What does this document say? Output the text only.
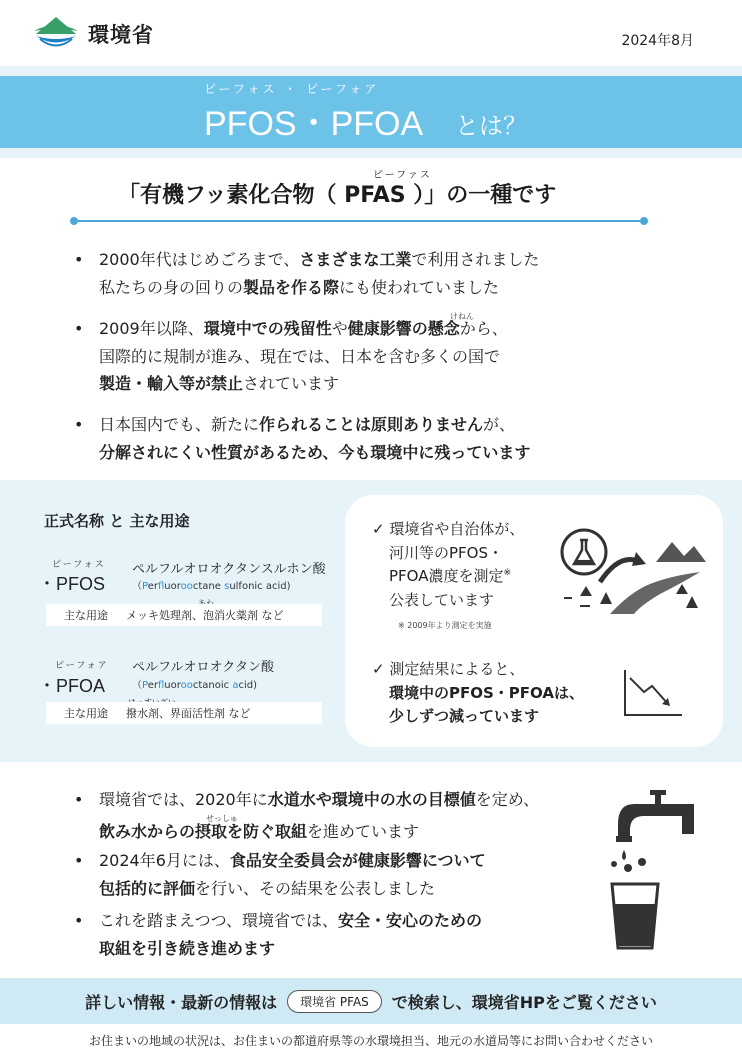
環境省	2024年8月
ピーフォス ・ ピーフォア
PFOS・PFOA とは？
ピーファス
「有機フッ素化合物（ PFAS ）」の一種です
• 2000年代はじめごろまで、さまざまな工業で利用されました
私たちの身の回りの製品を作る際にも使われていました
けねん
• 2009年以降、環境中での残留性や健康影響の懸念から、
国際的に規制が進み、現在では、日本を含む多くの国で
製造・輸入等が禁止されています
• 日本国内でも、新たに作られることは原則ありませんが、
分解されにくい性質があるため、今も環境中に残っています
正式名称 と 主な用途
ピーフォス
・PFOS
ペルフルオロオクタンスルホン酸
（Perfluorooctane sulfonic acid)
主な用途	メッキ処理剤、泡消火薬剤 など
ピーフォア
・PFOA
ペルフルオロオクタン酸
（Perfluorooctanoic acid)
主な用途	撥水剤、界面活性剤 など
✓ 環境省や自治体が、
河川等のPFOS・
PFOA濃度を測定※
公表しています
※ 2009年より測定を実施
✓ 測定結果によると、
環境中のPFOS・PFOAは、
少しずつ減っています
• 環境省では、2020年に水道水や環境中の水の目標値を定め、
飲み水からの摂取を防ぐ取組を進めています
せっしゅ
• 2024年6月には、食品安全委員会が健康影響について
包括的に評価を行い、その結果を公表しました
• これを踏まえつつ、環境省では、安全・安心のための
取組を引き続き進めます
詳しい情報・最新の情報は	環境省 PFAS	で検索し、環境省HPをご覧ください
お住まいの地域の状況は、お住まいの都道府県等の水環境担当、地元の水道局等にお問い合わせください
